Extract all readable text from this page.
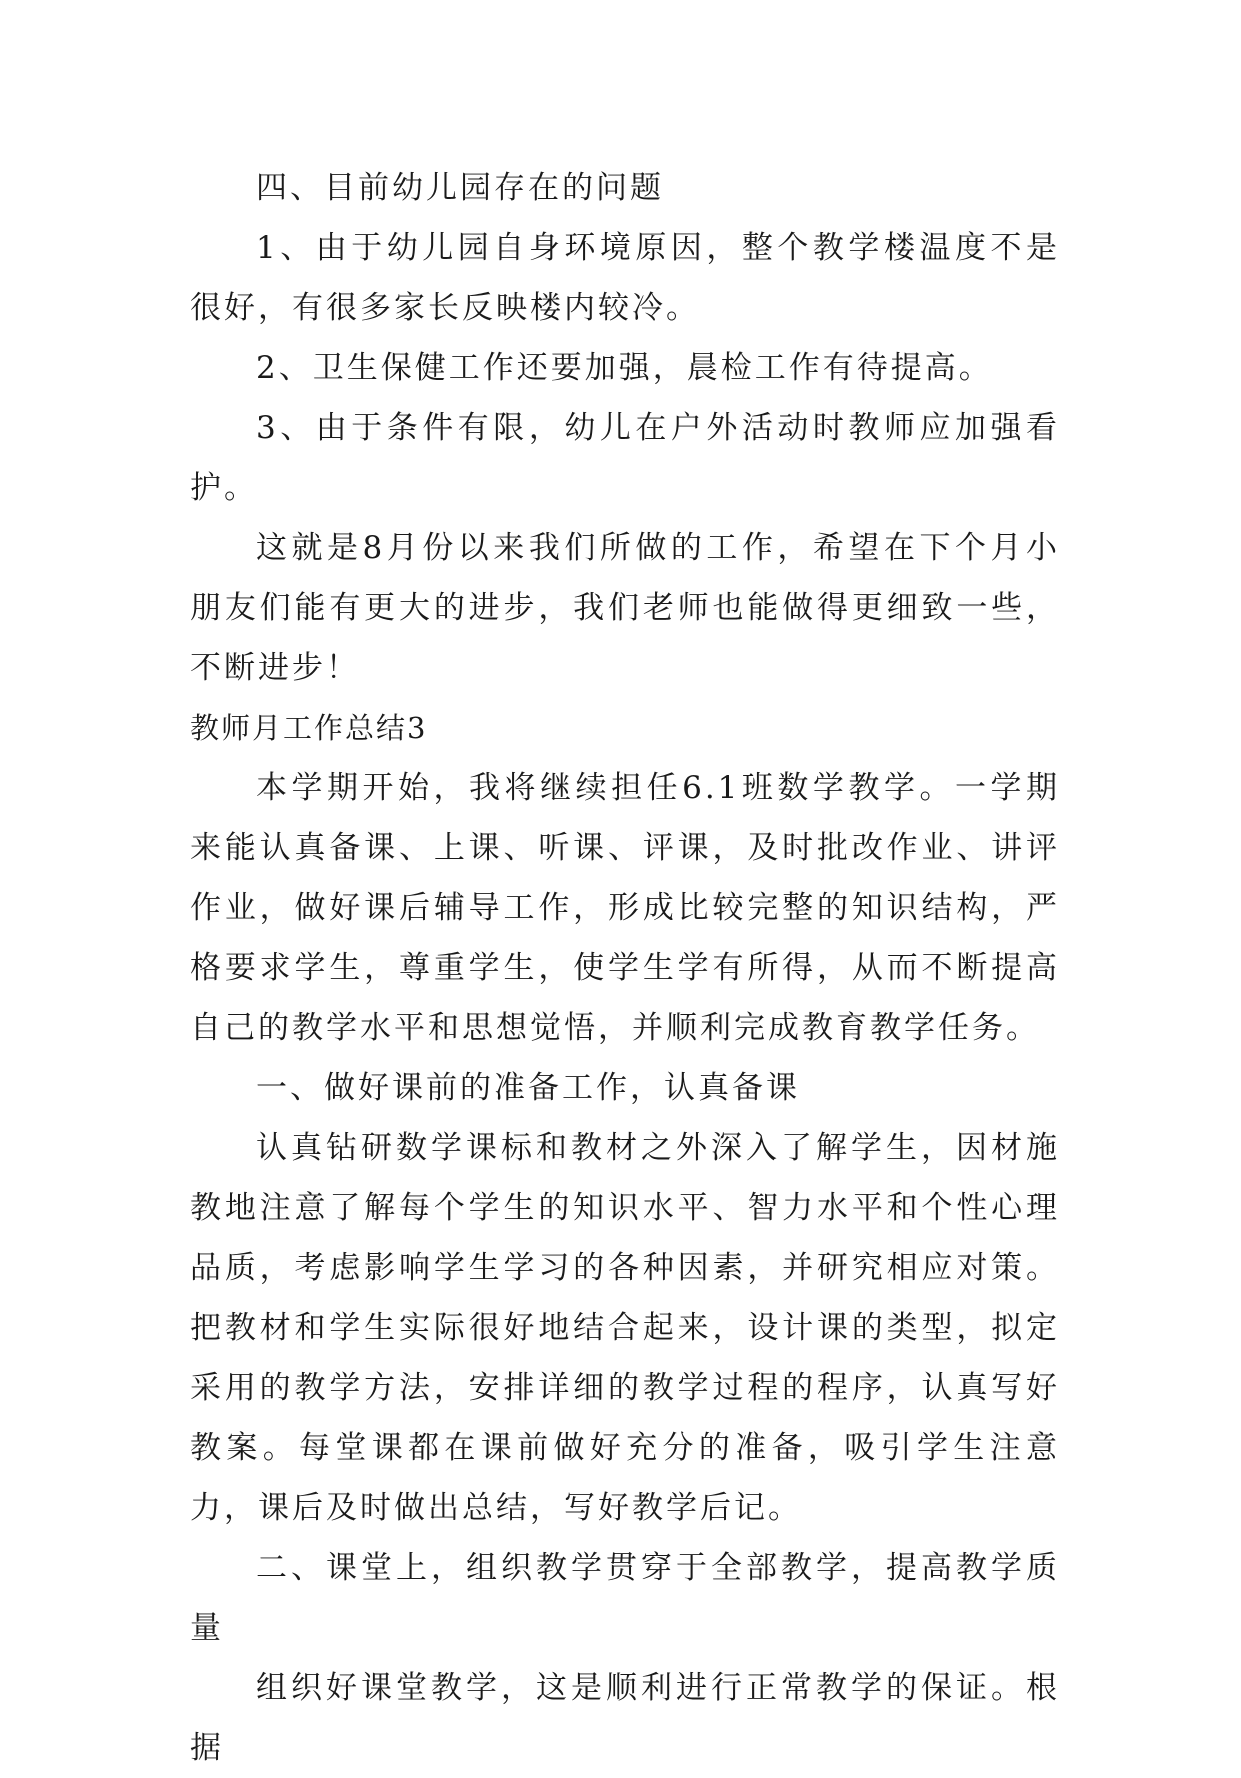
四、目前幼儿园存在的问题

1、由于幼儿园自身环境原因，整个教学楼温度不是很好，有很多家长反映楼内较冷。

2、卫生保健工作还要加强，晨检工作有待提高。

3、由于条件有限，幼儿在户外活动时教师应加强看护。

这就是8月份以来我们所做的工作，希望在下个月小朋友们能有更大的进步，我们老师也能做得更细致一些，不断进步！

教师月工作总结3

本学期开始，我将继续担任6.1班数学教学。一学期来能认真备课、上课、听课、评课，及时批改作业、讲评作业，做好课后辅导工作，形成比较完整的知识结构，严格要求学生，尊重学生，使学生学有所得，从而不断提高自己的教学水平和思想觉悟，并顺利完成教育教学任务。

一、做好课前的准备工作，认真备课

认真钻研数学课标和教材之外深入了解学生，因材施教地注意了解每个学生的知识水平、智力水平和个性心理品质，考虑影响学生学习的各种因素，并研究相应对策。 把教材和学生实际很好地结合起来，设计课的类型，拟定采用的教学方法，安排详细的教学过程的程序，认真写好教案。每堂课都在课前做好充分的准备，吸引学生注意力，课后及时做出总结，写好教学后记。

二、课堂上，组织教学贯穿于全部教学，提高教学质量

组织好课堂教学，这是顺利进行正常教学的保证。根据
